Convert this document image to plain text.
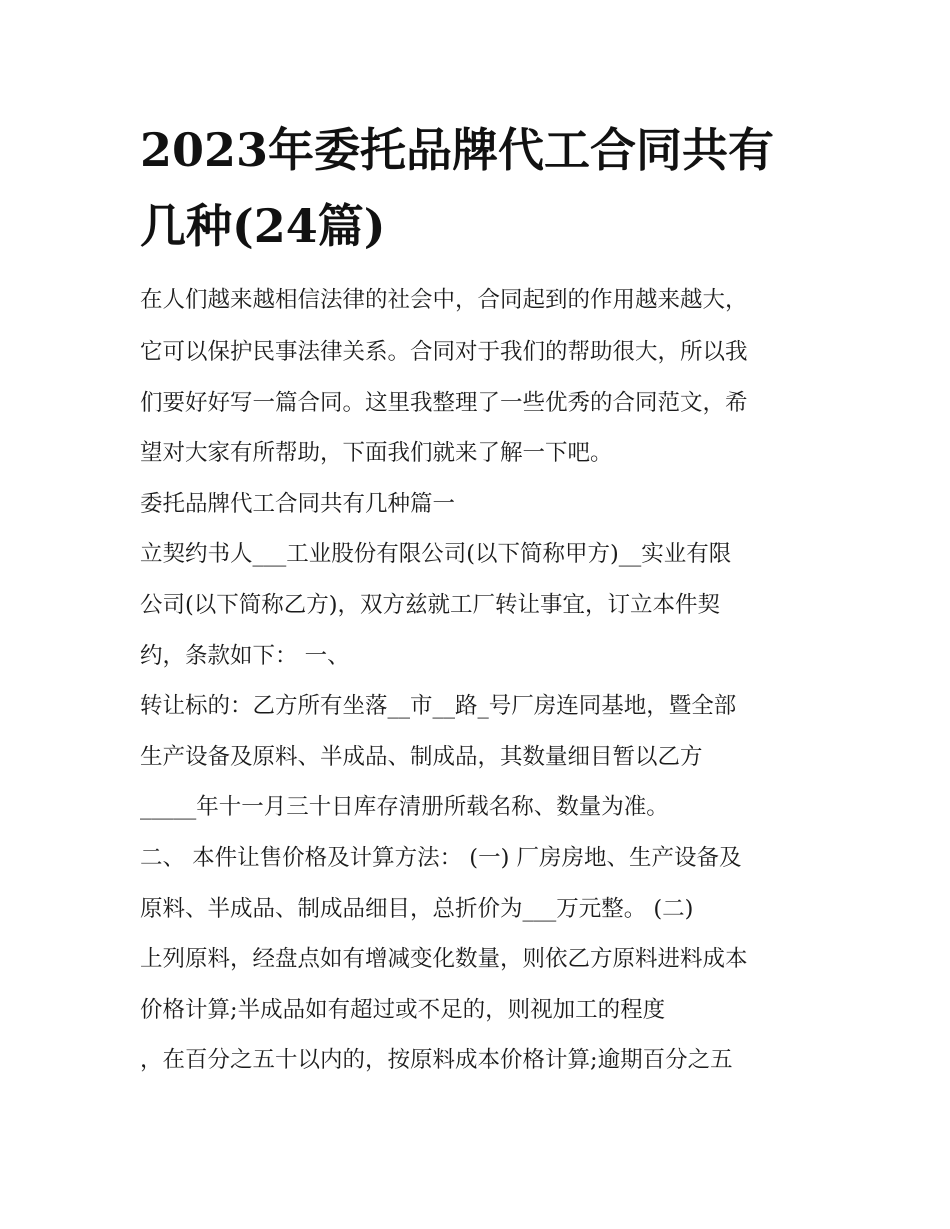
2023年委托品牌代工合同共有
几种(24篇)

在人们越来越相信法律的社会中，合同起到的作用越来越大，

它可以保护民事法律关系。合同对于我们的帮助很大，所以我

们要好好写一篇合同。这里我整理了一些优秀的合同范文，希

望对大家有所帮助，下面我们就来了解一下吧。

委托品牌代工合同共有几种篇一

立契约书人___工业股份有限公司(以下简称甲方)__实业有限

公司(以下简称乙方)，双方兹就工厂转让事宜，订立本件契

约，条款如下： 一、

转让标的：乙方所有坐落__市__路_号厂房连同基地，暨全部

生产设备及原料、半成品、制成品，其数量细目暂以乙方

_____年十一月三十日库存清册所载名称、数量为准。

二、 本件让售价格及计算方法： (一) 厂房房地、生产设备及

原料、半成品、制成品细目，总折价为___万元整。 (二)

上列原料，经盘点如有增减变化数量，则依乙方原料进料成本

价格计算;半成品如有超过或不足的，则视加工的程度

，在百分之五十以内的，按原料成本价格计算;逾期百分之五
